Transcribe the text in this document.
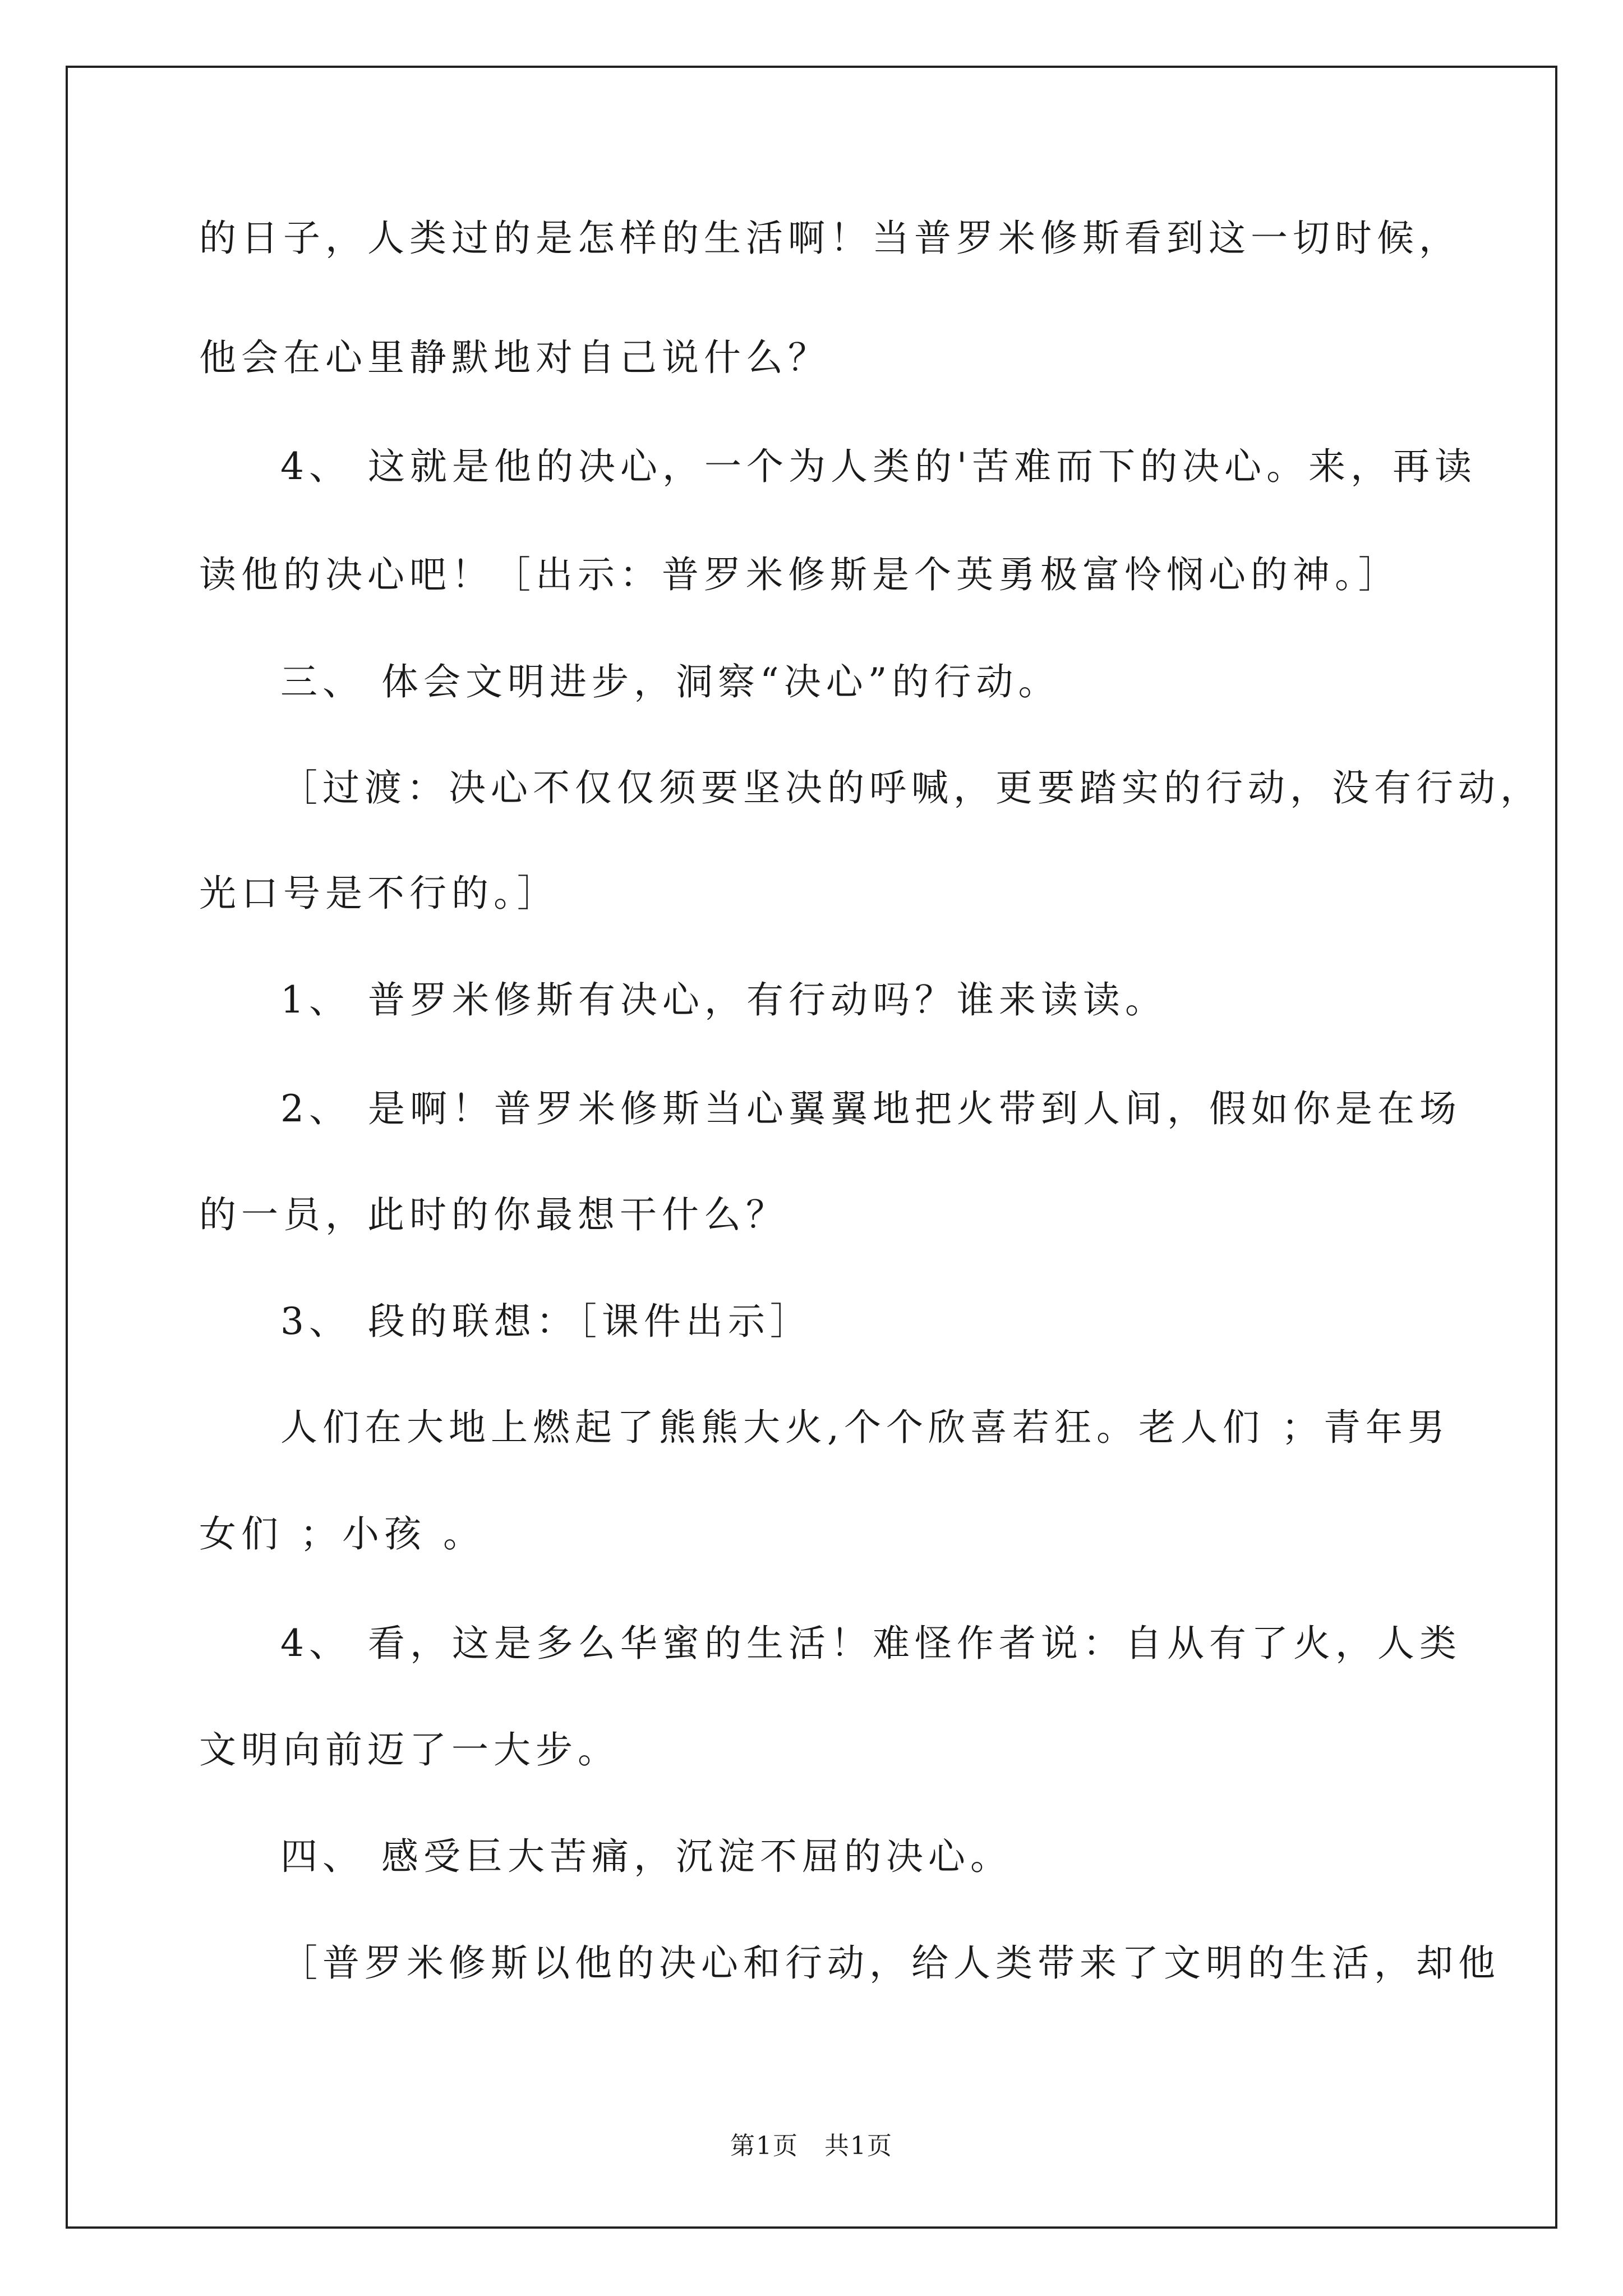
的日子，人类过的是怎样的生活啊！当普罗米修斯看到这一切时候，
他会在心里静默地对自己说什么？
4、 这就是他的决心，一个为人类的'苦难而下的决心。来，再读
读他的决心吧！［出示：普罗米修斯是个英勇极富怜悯心的神。］
三、 体会文明进步，洞察“决心”的行动。
［过渡：决心不仅仅须要坚决的呼喊，更要踏实的行动，没有行动，
光口号是不行的。］
1、 普罗米修斯有决心，有行动吗？谁来读读。
2、 是啊！普罗米修斯当心翼翼地把火带到人间，假如你是在场
的一员，此时的你最想干什么？
3、 段的联想：［课件出示］
人们在大地上燃起了熊熊大火,个个欣喜若狂。老人们 ；青年男
女们 ；小孩 。
4、 看，这是多么华蜜的生活！难怪作者说：自从有了火，人类
文明向前迈了一大步。
四、 感受巨大苦痛，沉淀不屈的决心。
［普罗米修斯以他的决心和行动，给人类带来了文明的生活，却他
第1页　共1页
